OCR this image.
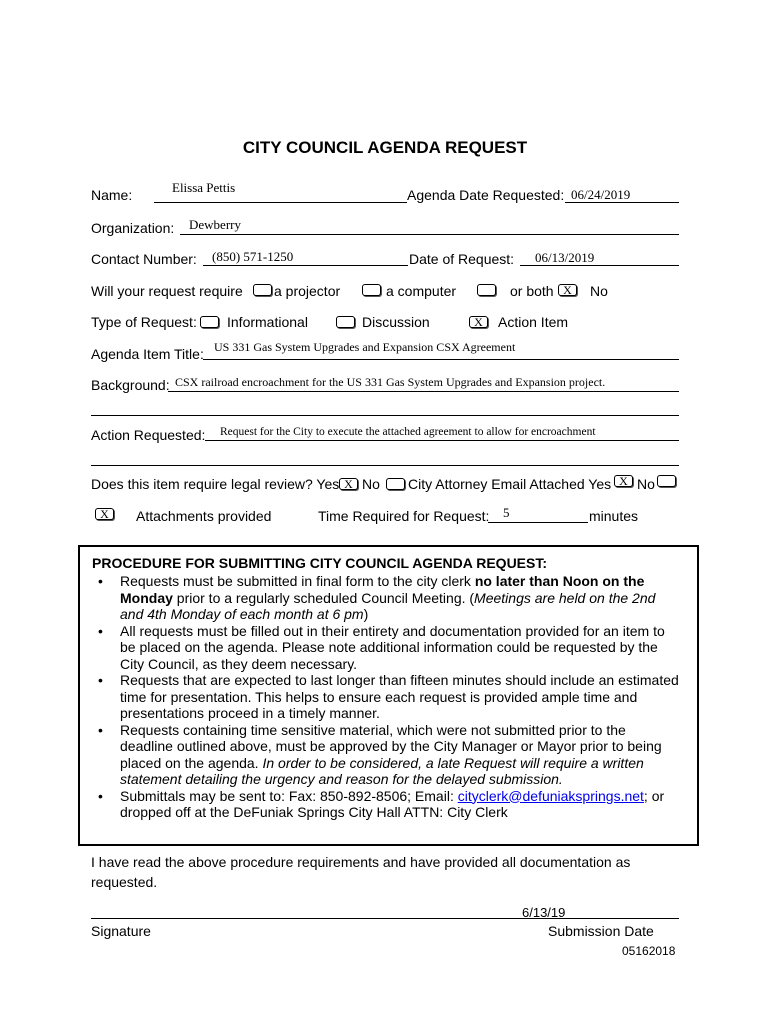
CITY COUNCIL AGENDA REQUEST
Name:	Elissa Pettis	Agenda Date Requested: 06/24/2019
Organization: Dewberry
Contact Number: (850) 571-1250	Date of Request: 06/13/2019
Will your request require a projector	a computer	or both X	No
Type of Request: Informational	Discussion	X	Action Item
Agenda Item Title: US 331 Gas System Upgrades and Expansion CSX Agreement
Background: CSX railroad encroachment for the US 331 Gas System Upgrades and Expansion project.
Action Requested: Request for the City to execute the attached agreement to allow for encroachment
Does this item require legal review? Yes X No City Attorney Email Attached Yes X No
X	Attachments provided	Time Required for Request: 5	minutes
PROCEDURE FOR SUBMITTING CITY COUNCIL AGENDA REQUEST:
• Requests must be submitted in final form to the city clerk no later than Noon on the Monday prior to a regularly scheduled Council Meeting. (Meetings are held on the 2nd and 4th Monday of each month at 6 pm)
• All requests must be filled out in their entirety and documentation provided for an item to be placed on the agenda. Please note additional information could be requested by the City Council, as they deem necessary.
• Requests that are expected to last longer than fifteen minutes should include an estimated time for presentation. This helps to ensure each request is provided ample time and presentations proceed in a timely manner.
• Requests containing time sensitive material, which were not submitted prior to the deadline outlined above, must be approved by the City Manager or Mayor prior to being placed on the agenda. In order to be considered, a late Request will require a written statement detailing the urgency and reason for the delayed submission.
• Submittals may be sent to: Fax: 850-892-8506; Email: cityclerk@defuniaksprings.net; or dropped off at the DeFuniak Springs City Hall ATTN: City Clerk
I have read the above procedure requirements and have provided all documentation as requested.
6/13/19
Signature	Submission Date
05162018
